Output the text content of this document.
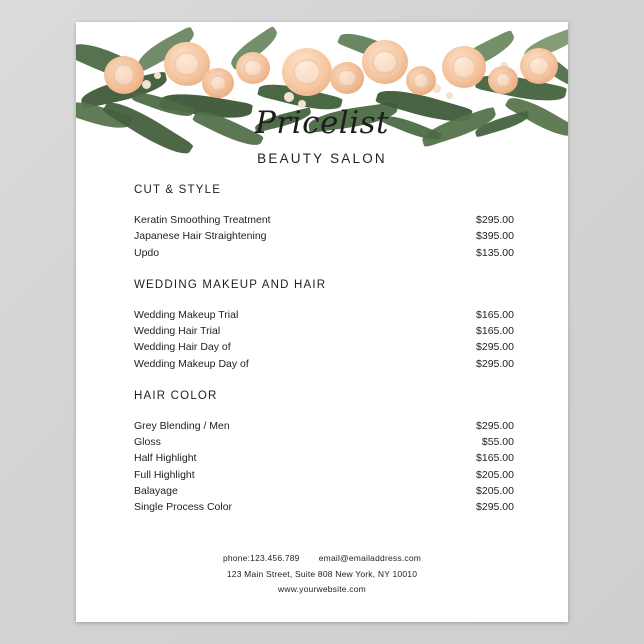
Pricelist
BEAUTY SALON
CUT & STYLE
Keratin Smoothing Treatment	$295.00
Japanese Hair Straightening	$395.00
Updo	$135.00
WEDDING MAKEUP AND HAIR
Wedding Makeup Trial	$165.00
Wedding Hair Trial	$165.00
Wedding Hair Day of	$295.00
Wedding Makeup Day of	$295.00
HAIR COLOR
Grey Blending / Men	$295.00
Gloss	$55.00
Half Highlight	$165.00
Full Highlight	$205.00
Balayage	$205.00
Single Process Color	$295.00
phone:123.456.789 email@emailaddress.com
123 Main Street, Suite 808 New York, NY 10010
www.yourwebsite.com
